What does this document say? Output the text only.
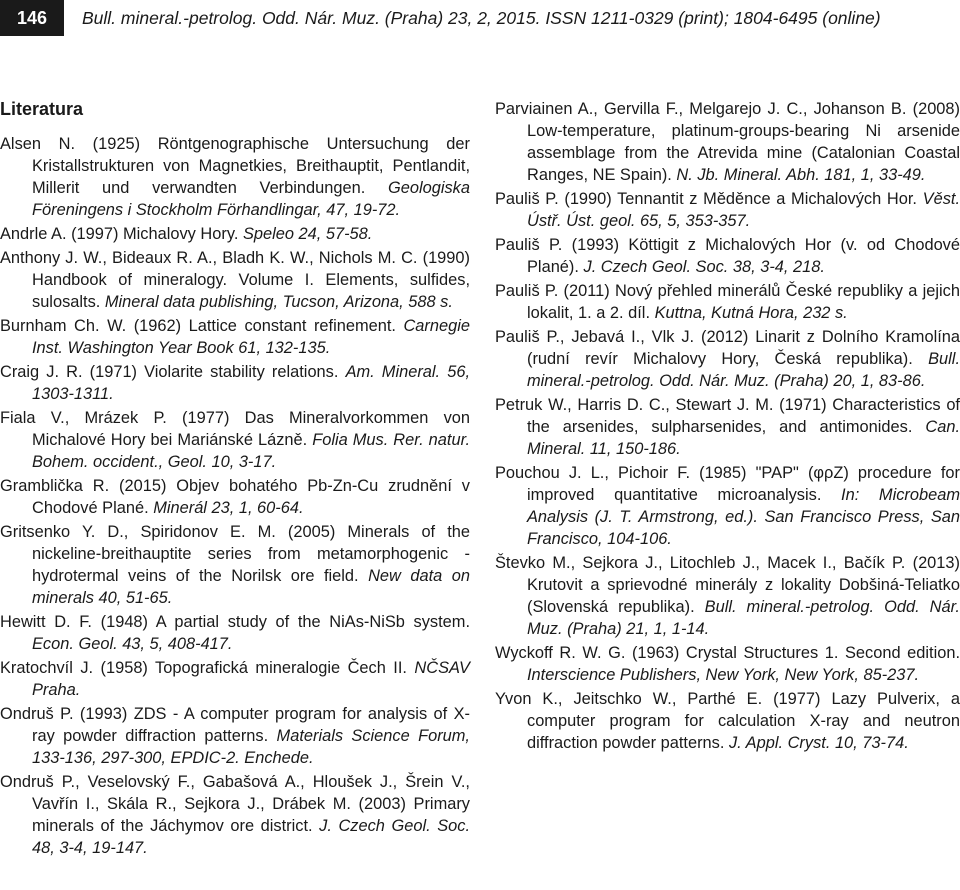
146	Bull. mineral.-petrolog. Odd. Nár. Muz. (Praha) 23, 2, 2015. ISSN 1211-0329 (print); 1804-6495 (online)
Literatura
Alsen N. (1925) Röntgenographische Untersuchung der Kristallstrukturen von Magnetkies, Breithauptit, Pentlandit, Millerit und verwandten Verbindungen. Geologiska Föreningens i Stockholm Förhandlingar, 47, 19-72.
Andrle A. (1997) Michalovy Hory. Speleo 24, 57-58.
Anthony J. W., Bideaux R. A., Bladh K. W., Nichols M. C. (1990) Handbook of mineralogy. Volume I. Elements, sulfides, sulosalts. Mineral data publishing, Tucson, Arizona, 588 s.
Burnham Ch. W. (1962) Lattice constant refinement. Carnegie Inst. Washington Year Book 61, 132-135.
Craig J. R. (1971) Violarite stability relations. Am. Mineral. 56, 1303-1311.
Fiala V., Mrázek P. (1977) Das Mineralvorkommen von Michalové Hory bei Mariánské Lázně. Folia Mus. Rer. natur. Bohem. occident., Geol. 10, 3-17.
Gramblička R. (2015) Objev bohatého Pb-Zn-Cu zrudnění v Chodové Plané. Minerál 23, 1, 60-64.
Gritsenko Y. D., Spiridonov E. M. (2005) Minerals of the nickeline-breithauptite series from metamorphogenic -hydrotermal veins of the Norilsk ore field. New data on minerals 40, 51-65.
Hewitt D. F. (1948) A partial study of the NiAs-NiSb system. Econ. Geol. 43, 5, 408-417.
Kratochvíl J. (1958) Topografická mineralogie Čech II. NČSAV Praha.
Ondruš P. (1993) ZDS - A computer program for analysis of X-ray powder diffraction patterns. Materials Science Forum, 133-136, 297-300, EPDIC-2. Enchede.
Ondruš P., Veselovský F., Gabašová A., Hloušek J., Šrein V., Vavřín I., Skála R., Sejkora J., Drábek M. (2003) Primary minerals of the Jáchymov ore district. J. Czech Geol. Soc. 48, 3-4, 19-147.
Parviainen A., Gervilla F., Melgarejo J. C., Johanson B. (2008) Low-temperature, platinum-groups-bearing Ni arsenide assemblage from the Atrevida mine (Catalonian Coastal Ranges, NE Spain). N. Jb. Mineral. Abh. 181, 1, 33-49.
Pauliš P. (1990) Tennantit z Měděnce a Michalových Hor. Věst. Ústř. Úst. geol. 65, 5, 353-357.
Pauliš P. (1993) Köttigit z Michalových Hor (v. od Chodové Plané). J. Czech Geol. Soc. 38, 3-4, 218.
Pauliš P. (2011) Nový přehled minerálů České republiky a jejich lokalit, 1. a 2. díl. Kuttna, Kutná Hora, 232 s.
Pauliš P., Jebavá I., Vlk J. (2012) Linarit z Dolního Kramolína (rudní revír Michalovy Hory, Česká republika). Bull. mineral.-petrolog. Odd. Nár. Muz. (Praha) 20, 1, 83-86.
Petruk W., Harris D. C., Stewart J. M. (1971) Characteristics of the arsenides, sulpharsenides, and antimonides. Can. Mineral. 11, 150-186.
Pouchou J. L., Pichoir F. (1985) "PAP" (φρZ) procedure for improved quantitative microanalysis. In: Microbeam Analysis (J. T. Armstrong, ed.). San Francisco Press, San Francisco, 104-106.
Števko M., Sejkora J., Litochleb J., Macek I., Bačík P. (2013) Krutovit a sprievodné minerály z lokality Dobšiná-Teliatko (Slovenská republika). Bull. mineral.-petrolog. Odd. Nár. Muz. (Praha) 21, 1, 1-14.
Wyckoff R. W. G. (1963) Crystal Structures 1. Second edition. Interscience Publishers, New York, New York, 85-237.
Yvon K., Jeitschko W., Parthé E. (1977) Lazy Pulverix, a computer program for calculation X-ray and neutron diffraction powder patterns. J. Appl. Cryst. 10, 73-74.
